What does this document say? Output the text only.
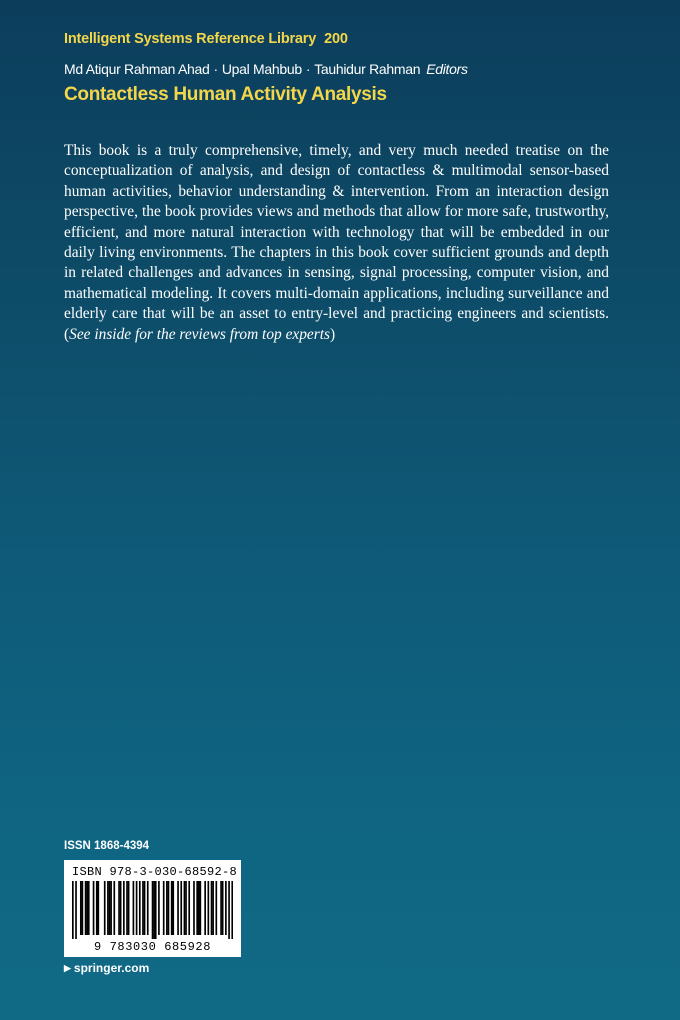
Intelligent Systems Reference Library 200
Md Atiqur Rahman Ahad · Upal Mahbub · Tauhidur Rahman Editors
Contactless Human Activity Analysis

This book is a truly comprehensive, timely, and very much needed treatise on the conceptualization of analysis, and design of contactless & multimodal sensor-based human activities, behavior understanding & intervention. From an interaction design perspective, the book provides views and methods that allow for more safe, trustworthy, efficient, and more natural interaction with technology that will be embedded in our daily living environments. The chapters in this book cover sufficient grounds and depth in related challenges and advances in sensing, signal processing, computer vision, and mathematical modeling. It covers multi-domain applications, including surveillance and elderly care that will be an asset to entry-level and practicing engineers and scientists. (See inside for the reviews from top experts)

ISSN 1868-4394
ISBN 978-3-030-68592-8
9 783030 685928
▶ springer.com
